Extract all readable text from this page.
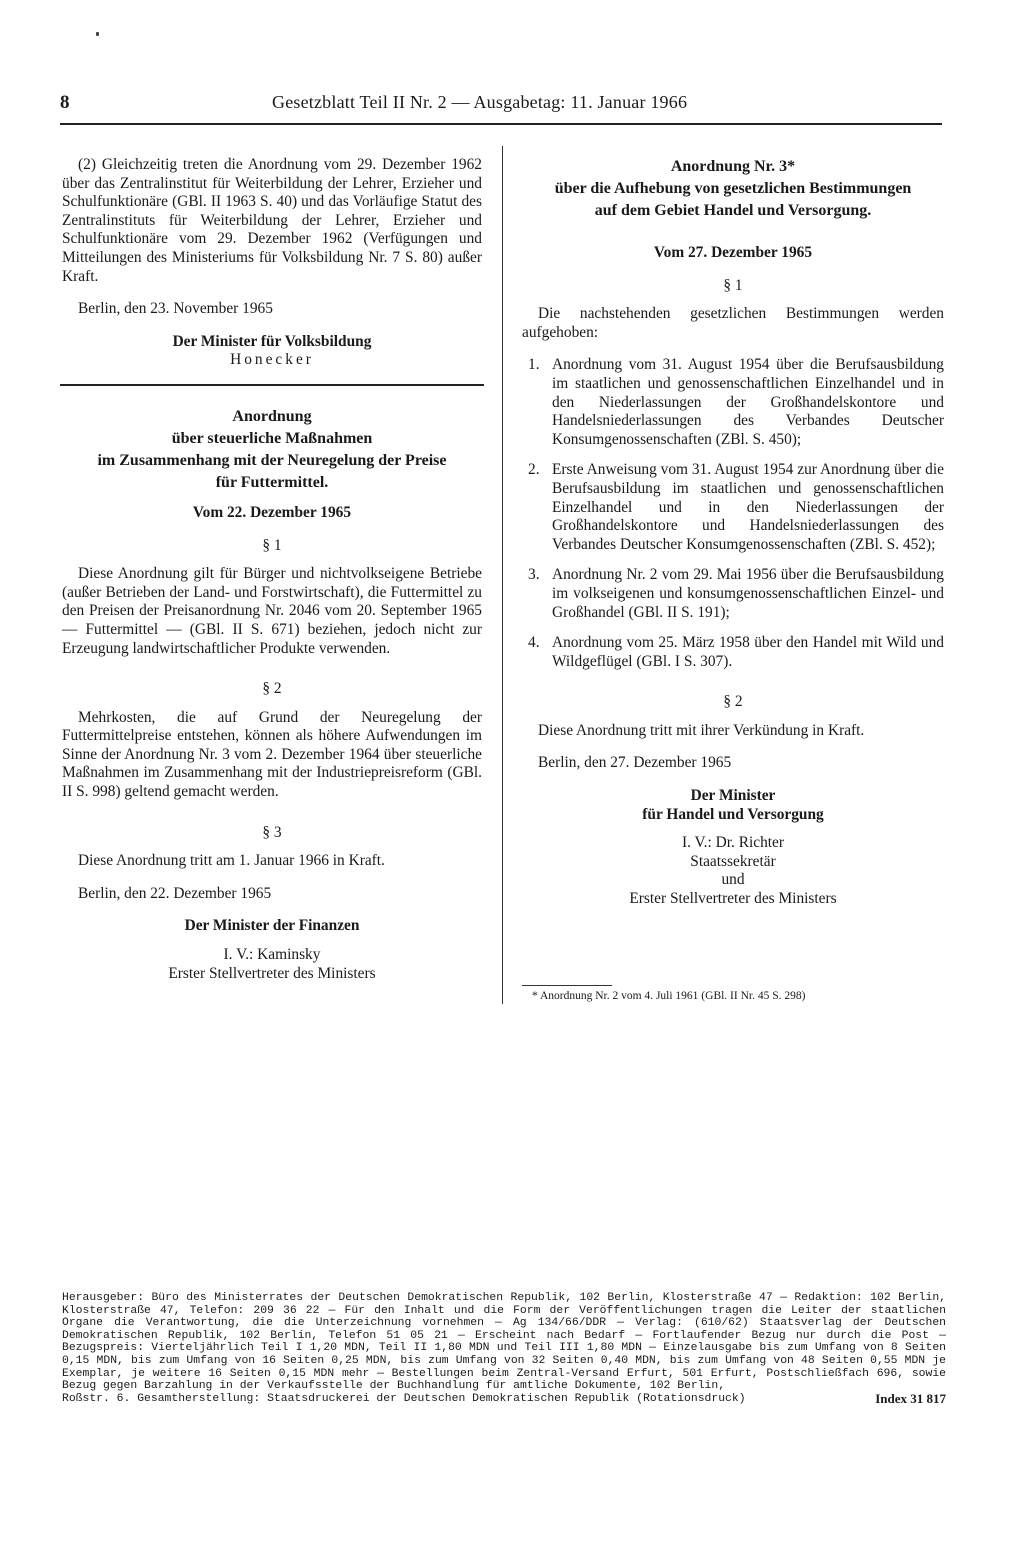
8	Gesetzblatt Teil II Nr. 2 — Ausgabetag: 11. Januar 1966

(2) Gleichzeitig treten die Anordnung vom 29. Dezember 1962 über das Zentralinstitut für Weiterbildung der Lehrer, Erzieher und Schulfunktionäre (GBl. II 1963 S. 40) und das Vorläufige Statut des Zentralinstituts für Weiterbildung der Lehrer, Erzieher und Schulfunktionäre vom 29. Dezember 1962 (Verfügungen und Mitteilungen des Ministeriums für Volksbildung Nr. 7 S. 80) außer Kraft.

Berlin, den 23. November 1965

Der Minister für Volksbildung

Honecker

Anordnung
über steuerliche Maßnahmen
im Zusammenhang mit der Neuregelung der Preise
für Futtermittel.

Vom 22. Dezember 1965

§ 1

Diese Anordnung gilt für Bürger und nichtvolkseigene Betriebe (außer Betrieben der Land- und Forstwirtschaft), die Futtermittel zu den Preisen der Preisanordnung Nr. 2046 vom 20. September 1965 — Futtermittel — (GBl. II S. 671) beziehen, jedoch nicht zur Erzeugung landwirtschaftlicher Produkte verwenden.

§ 2

Mehrkosten, die auf Grund der Neuregelung der Futtermittelpreise entstehen, können als höhere Aufwendungen im Sinne der Anordnung Nr. 3 vom 2. Dezember 1964 über steuerliche Maßnahmen im Zusammenhang mit der Industriepreisreform (GBl. II S. 998) geltend gemacht werden.

§ 3

Diese Anordnung tritt am 1. Januar 1966 in Kraft.

Berlin, den 22. Dezember 1965

Der Minister der Finanzen

I. V.: Kaminsky

Erster Stellvertreter des Ministers

Anordnung Nr. 3*
über die Aufhebung von gesetzlichen Bestimmungen
auf dem Gebiet Handel und Versorgung.

Vom 27. Dezember 1965

§ 1

Die nachstehenden gesetzlichen Bestimmungen werden aufgehoben:

1. Anordnung vom 31. August 1954 über die Berufsausbildung im staatlichen und genossenschaftlichen Einzelhandel und in den Niederlassungen der Großhandelskontore und Handelsniederlassungen des Verbandes Deutscher Konsumgenossenschaften (ZBl. S. 450);
2. Erste Anweisung vom 31. August 1954 zur Anordnung über die Berufsausbildung im staatlichen und genossenschaftlichen Einzelhandel und in den Niederlassungen der Großhandelskontore und Handelsniederlassungen des Verbandes Deutscher Konsumgenossenschaften (ZBl. S. 452);
3. Anordnung Nr. 2 vom 29. Mai 1956 über die Berufsausbildung im volkseigenen und konsumgenossenschaftlichen Einzel- und Großhandel (GBl. II S. 191);
4. Anordnung vom 25. März 1958 über den Handel mit Wild und Wildgeflügel (GBl. I S. 307).

§ 2

Diese Anordnung tritt mit ihrer Verkündung in Kraft.

Berlin, den 27. Dezember 1965

Der Minister

für Handel und Versorgung

I. V.: Dr. Richter

Staatssekretär

und

Erster Stellvertreter des Ministers

* Anordnung Nr. 2 vom 4. Juli 1961 (GBl. II Nr. 45 S. 298)

Herausgeber: Büro des Ministerrates der Deutschen Demokratischen Republik, 102 Berlin, Klosterstraße 47 — Redaktion: 102 Berlin, Klosterstraße 47, Telefon: 209 36 22 — Für den Inhalt und die Form der Veröffentlichungen tragen die Leiter der staatlichen Organe die Verantwortung, die die Unterzeichnung vornehmen — Ag 134/66/DDR — Verlag: (610/62) Staatsverlag der Deutschen Demokratischen Republik, 102 Berlin, Telefon 51 05 21 — Erscheint nach Bedarf — Fortlaufender Bezug nur durch die Post — Bezugspreis: Vierteljährlich Teil I 1,20 MDN, Teil II 1,80 MDN und Teil III 1,80 MDN — Einzelausgabe bis zum Umfang von 8 Seiten 0,15 MDN, bis zum Umfang von 16 Seiten 0,25 MDN, bis zum Umfang von 32 Seiten 0,40 MDN, bis zum Umfang von 48 Seiten 0,55 MDN je Exemplar, je weitere 16 Seiten 0,15 MDN mehr — Bestellungen beim Zentral-Versand Erfurt, 501 Erfurt, Postschließfach 696, sowie Bezug gegen Barzahlung in der Verkaufsstelle der Buchhandlung für amtliche Dokumente, 102 Berlin,

Roßstr. 6. Gesamtherstellung: Staatsdruckerei der Deutschen Demokratischen Republik (Rotationsdruck)	Index 31 817
